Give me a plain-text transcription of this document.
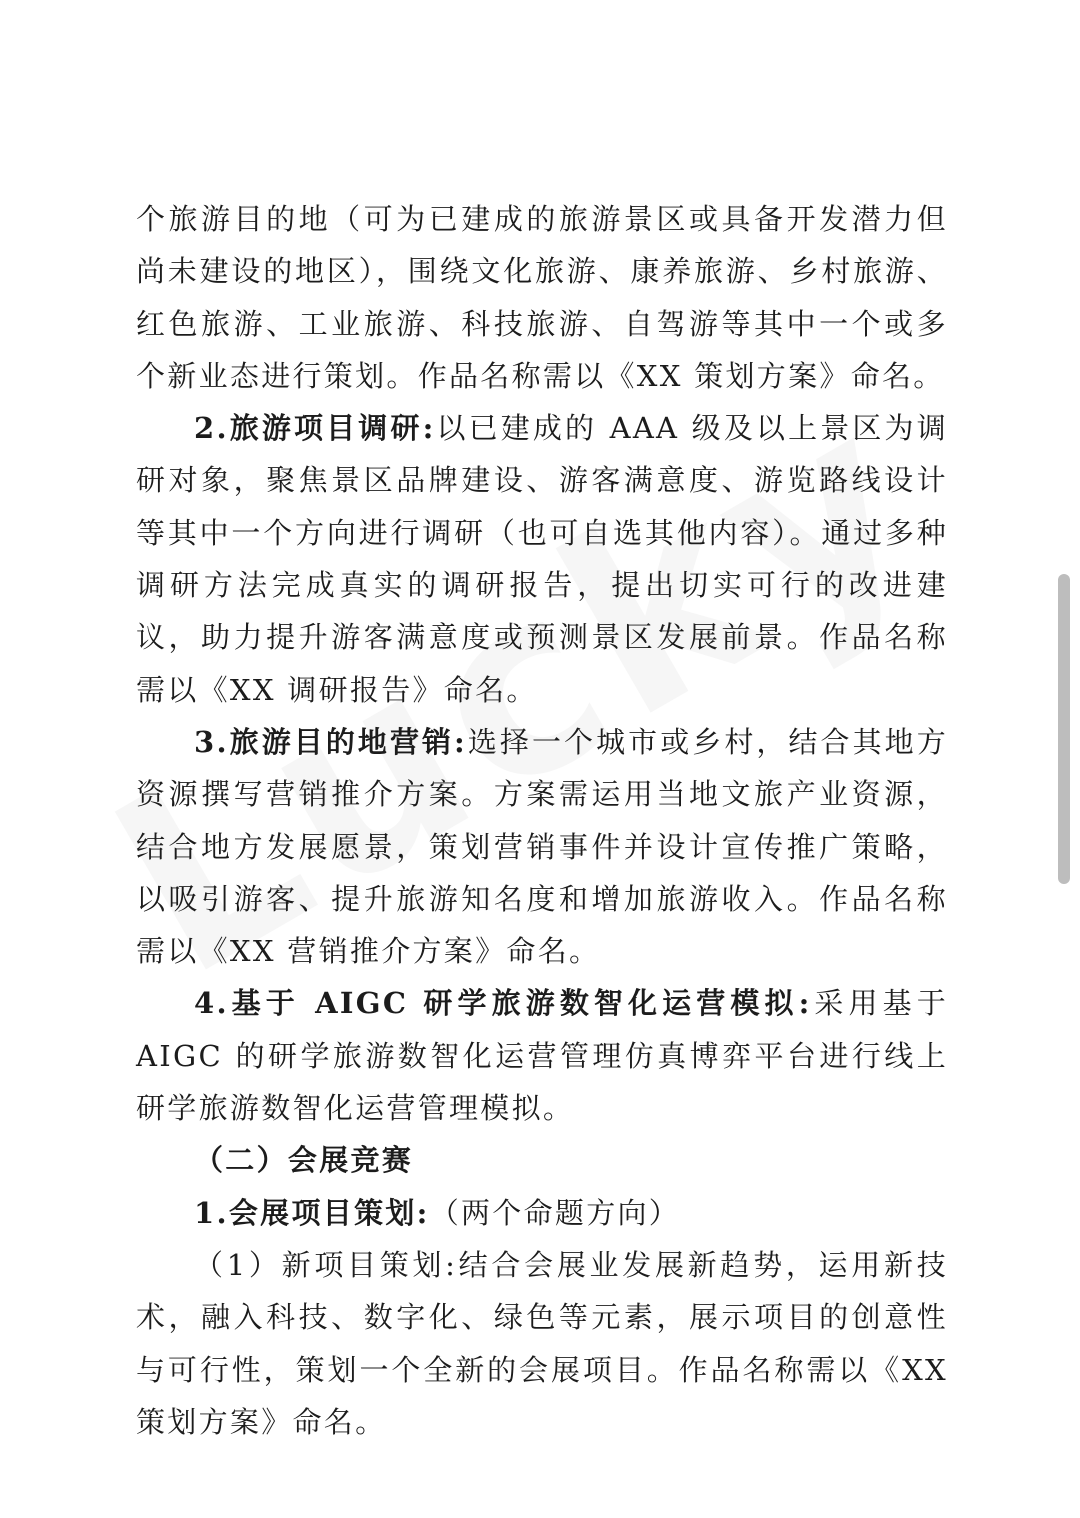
个旅游目的地（可为已建成的旅游景区或具备开发潜力但尚未建设的地区），围绕文化旅游、康养旅游、乡村旅游、红色旅游、工业旅游、科技旅游、自驾游等其中一个或多个新业态进行策划。作品名称需以《XX 策划方案》命名。

2.旅游项目调研:以已建成的 AAA 级及以上景区为调研对象，聚焦景区品牌建设、游客满意度、游览路线设计等其中一个方向进行调研（也可自选其他内容）。通过多种调研方法完成真实的调研报告，提出切实可行的改进建议，助力提升游客满意度或预测景区发展前景。作品名称需以《XX 调研报告》命名。

3.旅游目的地营销:选择一个城市或乡村，结合其地方资源撰写营销推介方案。方案需运用当地文旅产业资源，结合地方发展愿景，策划营销事件并设计宣传推广策略，以吸引游客、提升旅游知名度和增加旅游收入。作品名称需以《XX 营销推介方案》命名。

4.基于 AIGC 研学旅游数智化运营模拟:采用基于 AIGC 的研学旅游数智化运营管理仿真博弈平台进行线上研学旅游数智化运营管理模拟。

（二）会展竞赛

1.会展项目策划:（两个命题方向）

（1）新项目策划:结合会展业发展新趋势，运用新技术，融入科技、数字化、绿色等元素，展示项目的创意性与可行性，策划一个全新的会展项目。作品名称需以《XX 策划方案》命名。
